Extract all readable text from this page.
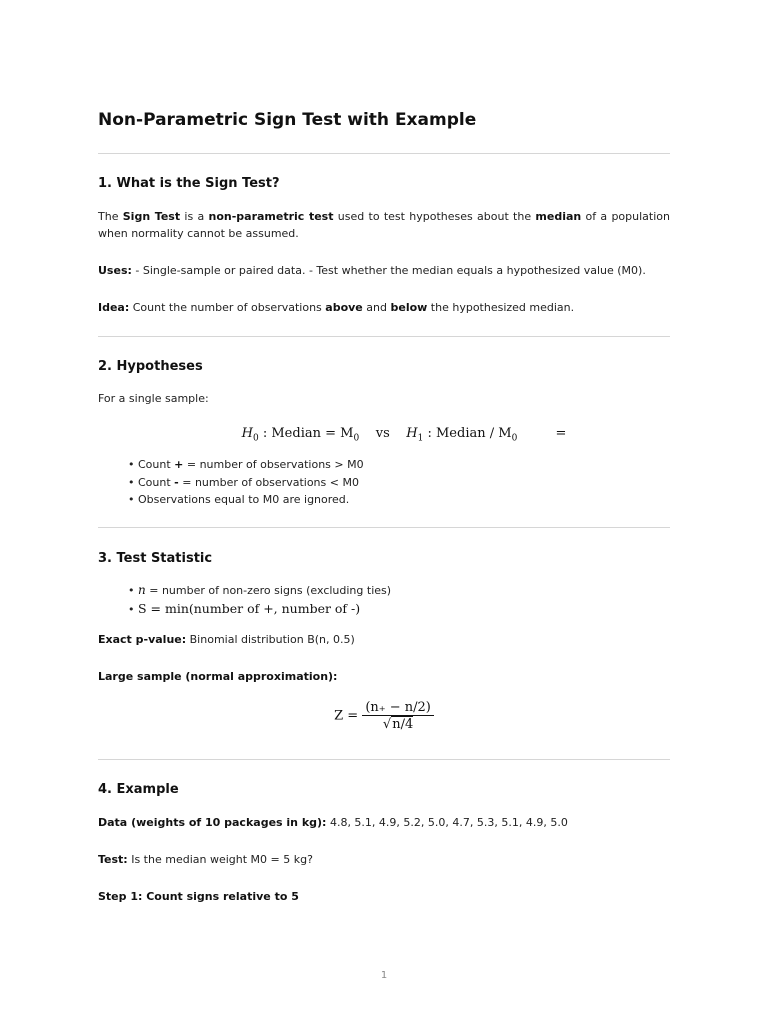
Non-Parametric Sign Test with Example
1. What is the Sign Test?

The Sign Test is a non-parametric test used to test hypotheses about the median of a population when normality cannot be assumed.

Uses: - Single-sample or paired data. - Test whether the median equals a hypothesized value (M0).

Idea: Count the number of observations above and below the hypothesized median.

2. Hypotheses

For a single sample:

$H_0$ : Median = $M_0$ vs $H_1$ : Median / $M_0$	=
• Count + = number of observations > M0
• Count - = number of observations < M0
• Observations equal to M0 are ignored.
3. Test Statistic
• n = number of non-zero signs (excluding ties)
• S = min(number of +, number of -)

Exact p-value: Binomial distribution B(n, 0.5)

Large sample (normal approximation):

$Z = \frac{(n_+ - n/2)}{√n/4}$
4. Example

Data (weights of 10 packages in kg): 4.8, 5.1, 4.9, 5.2, 5.0, 4.7, 5.3, 5.1, 4.9, 5.0

Test: Is the median weight M0 = 5 kg?

Step 1: Count signs relative to 5

1
